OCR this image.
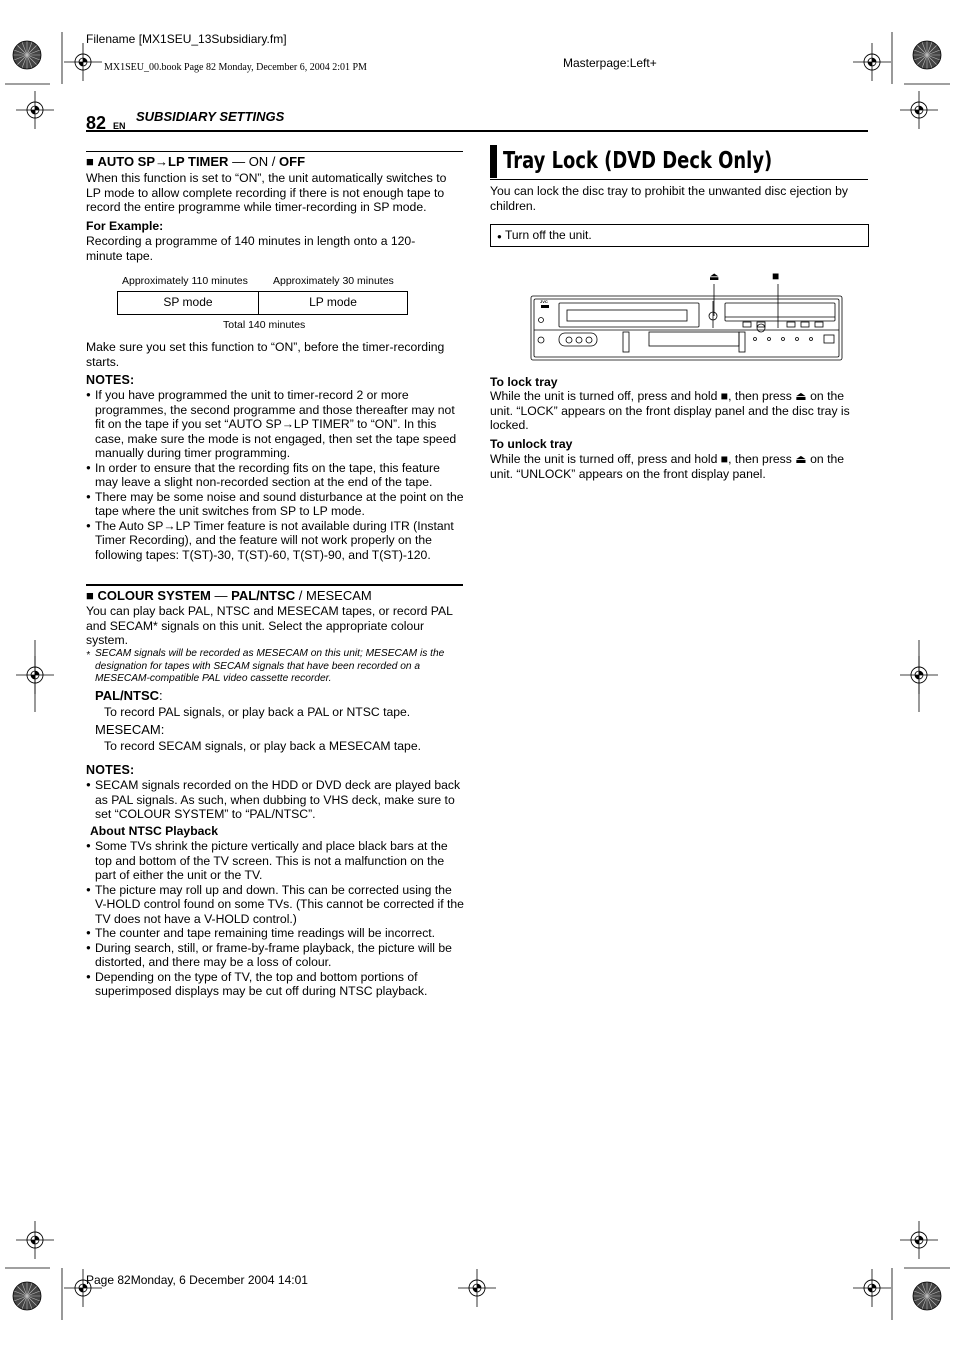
Filename [MX1SEU_13Subsidiary.fm]
MX1SEU_00.book Page 82 Monday, December 6, 2004 2:01 PM	Masterpage:Left+
82 EN
SUBSIDIARY SETTINGS
■ AUTO SP→LP TIMER — ON / OFF
When this function is set to “ON”, the unit automatically switches to LP mode to allow complete recording if there is not enough tape to record the entire programme while timer-recording in SP mode.
For Example:
Recording a programme of 140 minutes in length onto a 120-minute tape.
Approximately 110 minutes Approximately 30 minutes
SP mode	LP mode
Total 140 minutes
Make sure you set this function to “ON”, before the timer-recording starts.
NOTES:
● If you have programmed the unit to timer-record 2 or more programmes, the second programme and those thereafter may not fit on the tape if you set “AUTO SP→LP TIMER” to “ON”. In this case, make sure the mode is not engaged, then set the tape speed manually during timer programming.
● In order to ensure that the recording fits on the tape, this feature may leave a slight non-recorded section at the end of the tape.
● There may be some noise and sound disturbance at the point on the tape where the unit switches from SP to LP mode.
● The Auto SP→LP Timer feature is not available during ITR (Instant Timer Recording), and the feature will not work properly on the following tapes: T(ST)-30, T(ST)-60, T(ST)-90, and T(ST)-120.
■ COLOUR SYSTEM — PAL/NTSC / MESECAM
You can play back PAL, NTSC and MESECAM tapes, or record PAL and SECAM* signals on this unit. Select the appropriate colour system.
* SECAM signals will be recorded as MESECAM on this unit; MESECAM is the designation for tapes with SECAM signals that have been recorded on a MESECAM-compatible PAL video cassette recorder.
PAL/NTSC:
To record PAL signals, or play back a PAL or NTSC tape.
MESECAM:
To record SECAM signals, or play back a MESECAM tape.
NOTES:
● SECAM signals recorded on the HDD or DVD deck are played back as PAL signals. As such, when dubbing to VHS deck, make sure to set “COLOUR SYSTEM” to “PAL/NTSC”.
About NTSC Playback
● Some TVs shrink the picture vertically and place black bars at the top and bottom of the TV screen. This is not a malfunction on the part of either the unit or the TV.
● The picture may roll up and down. This can be corrected using the V-HOLD control found on some TVs. (This cannot be corrected if the TV does not have a V-HOLD control.)
● The counter and tape remaining time readings will be incorrect.
● During search, still, or frame-by-frame playback, the picture will be distorted, and there may be a loss of colour.
● Depending on the type of TV, the top and bottom portions of superimposed displays may be cut off during NTSC playback.
Tray Lock (DVD Deck Only)
You can lock the disc tray to prohibit the unwanted disc ejection by children.
● Turn off the unit.
⏏	■
JVC
To lock tray
While the unit is turned off, press and hold ■, then press ⏏ on the unit. “LOCK” appears on the front display panel and the disc tray is locked.
To unlock tray
While the unit is turned off, press and hold ■, then press ⏏ on the unit. “UNLOCK” appears on the front display panel.
Page 82Monday, 6 December 2004 14:01
